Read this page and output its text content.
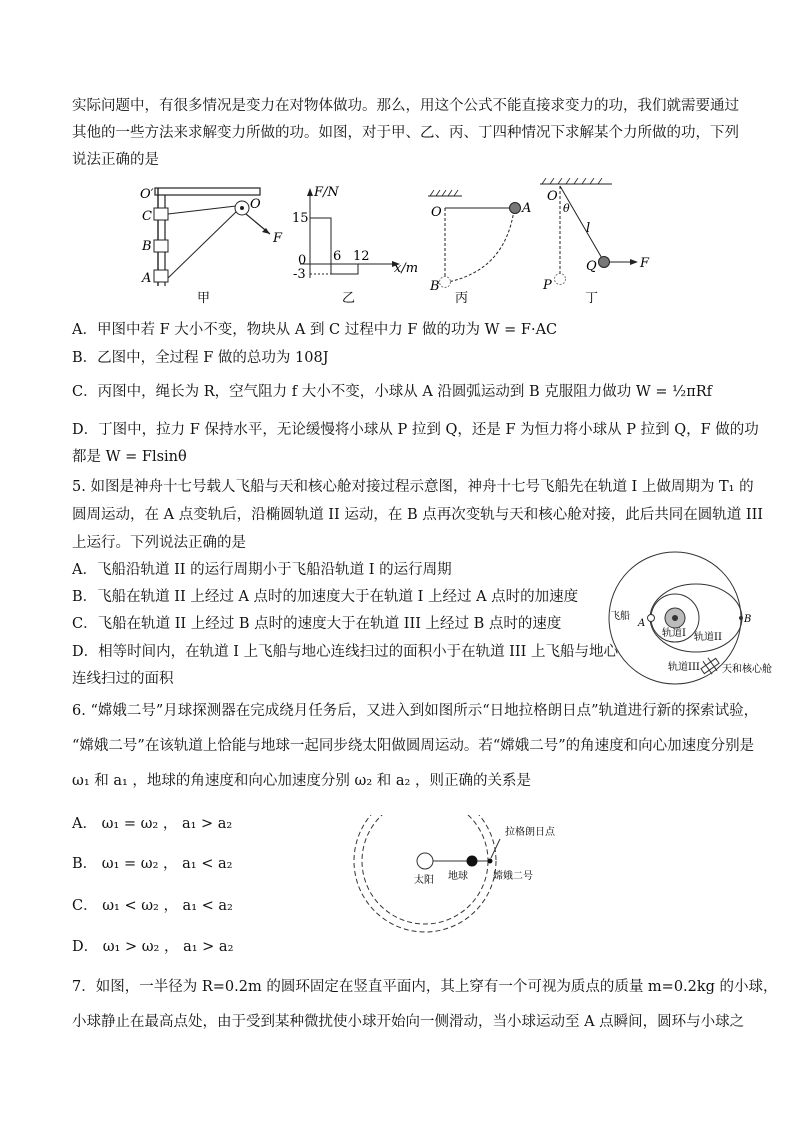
实际问题中，有很多情况是变力在对物体做功。那么，用这个公式不能直接求变力的功，我们就需要通过
其他的一些方法来求解变力所做的功。如图，对于甲、乙、丙、丁四种情况下求解某个力所做的功，下列
说法正确的是
O′
C
B
A
O
F
甲
F/N
x/m
15
0
-3
6 12
乙
O	A
B
丙
O
θ
l
Q	F
P
丁
A．甲图中若 F 大小不变，物块从 A 到 C 过程中力 F 做的功为 W = F·AC
B．乙图中，全过程 F 做的总功为 108J
C．丙图中，绳长为 R，空气阻力 f 大小不变，小球从 A 沿圆弧运动到 B 克服阻力做功 W = ½πRf
D．丁图中，拉力 F 保持水平，无论缓慢将小球从 P 拉到 Q，还是 F 为恒力将小球从 P 拉到 Q，F 做的功
都是 W = Flsinθ
5. 如图是神舟十七号载人飞船与天和核心舱对接过程示意图，神舟十七号飞船先在轨道 I 上做周期为 T₁ 的
圆周运动，在 A 点变轨后，沿椭圆轨道 II 运动，在 B 点再次变轨与天和核心舱对接，此后共同在圆轨道 III
上运行。下列说法正确的是
A．飞船沿轨道 II 的运行周期小于飞船沿轨道 I 的运行周期
B．飞船在轨道 II 上经过 A 点时的加速度大于在轨道 I 上经过 A 点时的加速度
C．飞船在轨道 II 上经过 B 点时的速度大于在轨道 III 上经过 B 点时的速度
D．相等时间内，在轨道 I 上飞船与地心连线扫过的面积小于在轨道 III 上飞船与地心
连线扫过的面积
飞船
A	B
轨道I 轨道II
轨道III 天和核心舱
6. “嫦娥二号”月球探测器在完成绕月任务后，又进入到如图所示“日地拉格朗日点”轨道进行新的探索试验，
“嫦娥二号”在该轨道上恰能与地球一起同步绕太阳做圆周运动。若“嫦娥二号”的角速度和向心加速度分别是
ω₁ 和 a₁ ，地球的角速度和向心加速度分别 ω₂ 和 a₂ ，则正确的关系是
A． ω₁ = ω₂ ， a₁ > a₂
B． ω₁ = ω₂ ， a₁ < a₂
C． ω₁ < ω₂ ， a₁ < a₂
D． ω₁ > ω₂ ， a₁ > a₂
拉格朗日点
太阳 地球	嫦娥二号
7．如图，一半径为 R=0.2m 的圆环固定在竖直平面内，其上穿有一个可视为质点的质量 m=0.2kg 的小球，
小球静止在最高点处，由于受到某种微扰使小球开始向一侧滑动，当小球运动至 A 点瞬间，圆环与小球之
